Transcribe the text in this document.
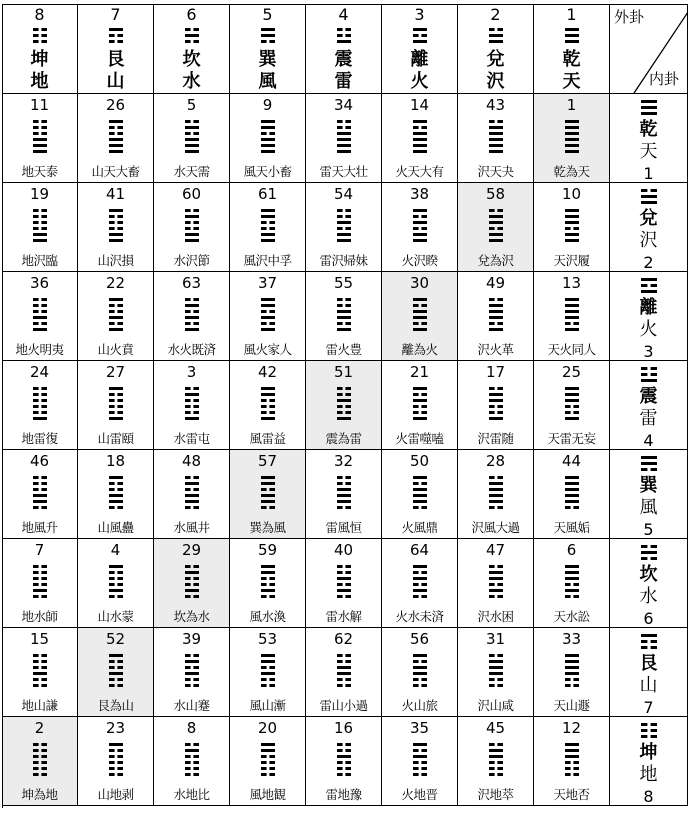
8
坤
地
7
艮
山
6
坎
水
5
巽
風
4
震
雷
3
離
火
2
兌
沢
1
乾
天
外卦
内卦
11
地天泰
26
山天大畜
5
水天需
9
風天小畜
34
雷天大壮
14
火天大有
43
沢天夬
1
乾為天
乾
天
1
19
地沢臨
41
山沢損
60
水沢節
61
風沢中孚
54
雷沢帰妹
38
火沢睽
58
兌為沢
10
天沢履
兌
沢
2
36
地火明夷
22
山火賁
63
水火既済
37
風火家人
55
雷火豊
30
離為火
49
沢火革
13
天火同人
離
火
3
24
地雷復
27
山雷頤
3
水雷屯
42
風雷益
51
震為雷
21
火雷噬嗑
17
沢雷随
25
天雷无妄
震
雷
4
46
地風升
18
山風蠱
48
水風井
57
巽為風
32
雷風恒
50
火風鼎
28
沢風大過
44
天風姤
巽
風
5
7
地水師
4
山水蒙
29
坎為水
59
風水渙
40
雷水解
64
火水未済
47
沢水困
6
天水訟
坎
水
6
15
地山謙
52
艮為山
39
水山蹇
53
風山漸
62
雷山小過
56
火山旅
31
沢山咸
33
天山遯
艮
山
7
2
坤為地
23
山地剥
8
水地比
20
風地観
16
雷地豫
35
火地晋
45
沢地萃
12
天地否
坤
地
8
